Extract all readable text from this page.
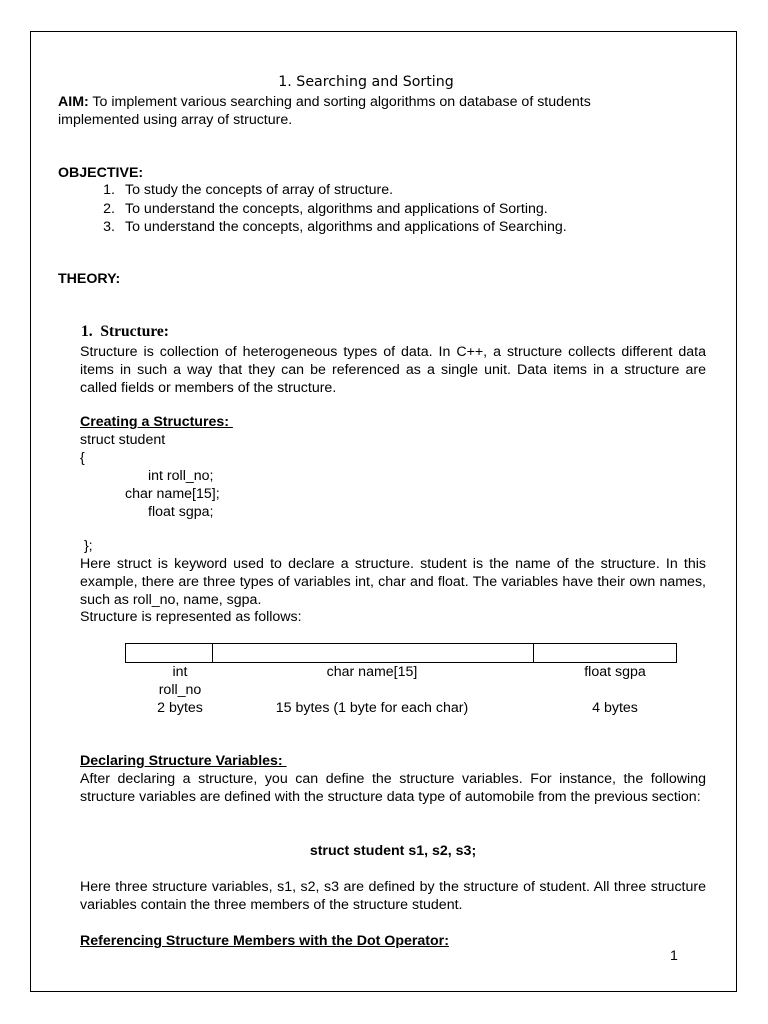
1. Searching and Sorting
AIM: To implement various searching and sorting algorithms on database of students
implemented using array of structure.
OBJECTIVE:
1. To study the concepts of array of structure.
2. To understand the concepts, algorithms and applications of Sorting.
3. To understand the concepts, algorithms and applications of Searching.
THEORY:
1.  Structure:
Structure is collection of heterogeneous types of data. In C++, a structure collects different data items in such a way that they can be referenced as a single unit. Data items in a structure are called fields or members of the structure.
Creating a Structures:
struct student
{
int roll_no;
char name[15];
float sgpa;
};
Here struct is keyword used to declare a structure. student is the name of the structure. In this example, there are three types of variables int, char and float. The variables have their own names, such as roll_no, name, sgpa.
Structure is represented as follows:
int
roll_no
2 bytes
char name[15]
15 bytes (1 byte for each char)
float sgpa
4 bytes
Declaring Structure Variables:
After declaring a structure, you can define the structure variables. For instance, the following structure variables are defined with the structure data type of automobile from the previous section:
struct student s1, s2, s3;
Here three structure variables, s1, s2, s3 are defined by the structure of student. All three structure variables contain the three members of the structure student.
Referencing Structure Members with the Dot Operator:
1
